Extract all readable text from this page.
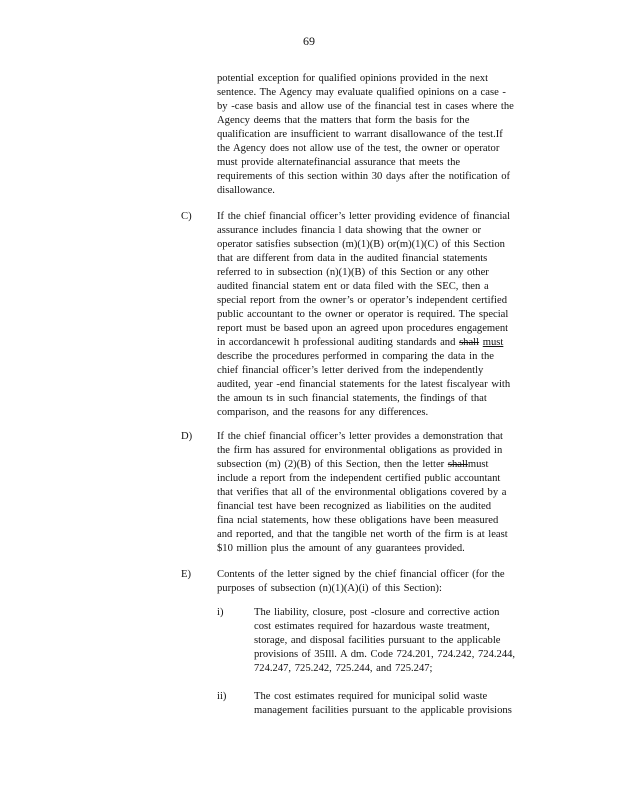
69
potential exception for qualified opinions provided in the next
sentence. The Agency may evaluate qualified opinions on a case -
by -case basis and allow use of the financial test in cases where the
Agency deems that the matters that form the basis for the
qualification are insufficient to warrant disallowance of the test.If
the Agency does not allow use of the test, the owner or operator
must provide alternatefinancial assurance that meets the
requirements of this section within 30 days after the notification of
disallowance.
C) If the chief financial officer’s letter providing evidence of financial
assurance includes financia l data showing that the owner or
operator satisfies subsection (m)(1)(B) or(m)(1)(C) of this Section
that are different from data in the audited financial statements
referred to in subsection (n)(1)(B) of this Section or any other
audited financial statem ent or data filed with the SEC, then a
special report from the owner’s or operator’s independent certified
public accountant to the owner or operator is required. The special
report must be based upon an agreed upon procedures engagement
in accordancewit h professional auditing standards and shall must
describe the procedures performed in comparing the data in the
chief financial officer’s letter derived from the independently
audited, year -end financial statements for the latest fiscalyear with
the amoun ts in such financial statements, the findings of that
comparison, and the reasons for any differences.
D) If the chief financial officer’s letter provides a demonstration that
the firm has assured for environmental obligations as provided in
subsection (m) (2)(B) of this Section, then the letter shallmust
include a report from the independent certified public accountant
that verifies that all of the environmental obligations covered by a
financial test have been recognized as liabilities on the audited
fina ncial statements, how these obligations have been measured
and reported, and that the tangible net worth of the firm is at least
$10 million plus the amount of any guarantees provided.
E) Contents of the letter signed by the chief financial officer (for the
purposes of subsection (n)(1)(A)(i) of this Section):
i)	The liability, closure, post -closure and corrective action
cost estimates required for hazardous waste treatment,
storage, and disposal facilities pursuant to the applicable
provisions of 35Ill. A dm. Code 724.201, 724.242, 724.244,
724.247, 725.242, 725.244, and 725.247;
ii)	The cost estimates required for municipal solid waste
management facilities pursuant to the applicable provisions
